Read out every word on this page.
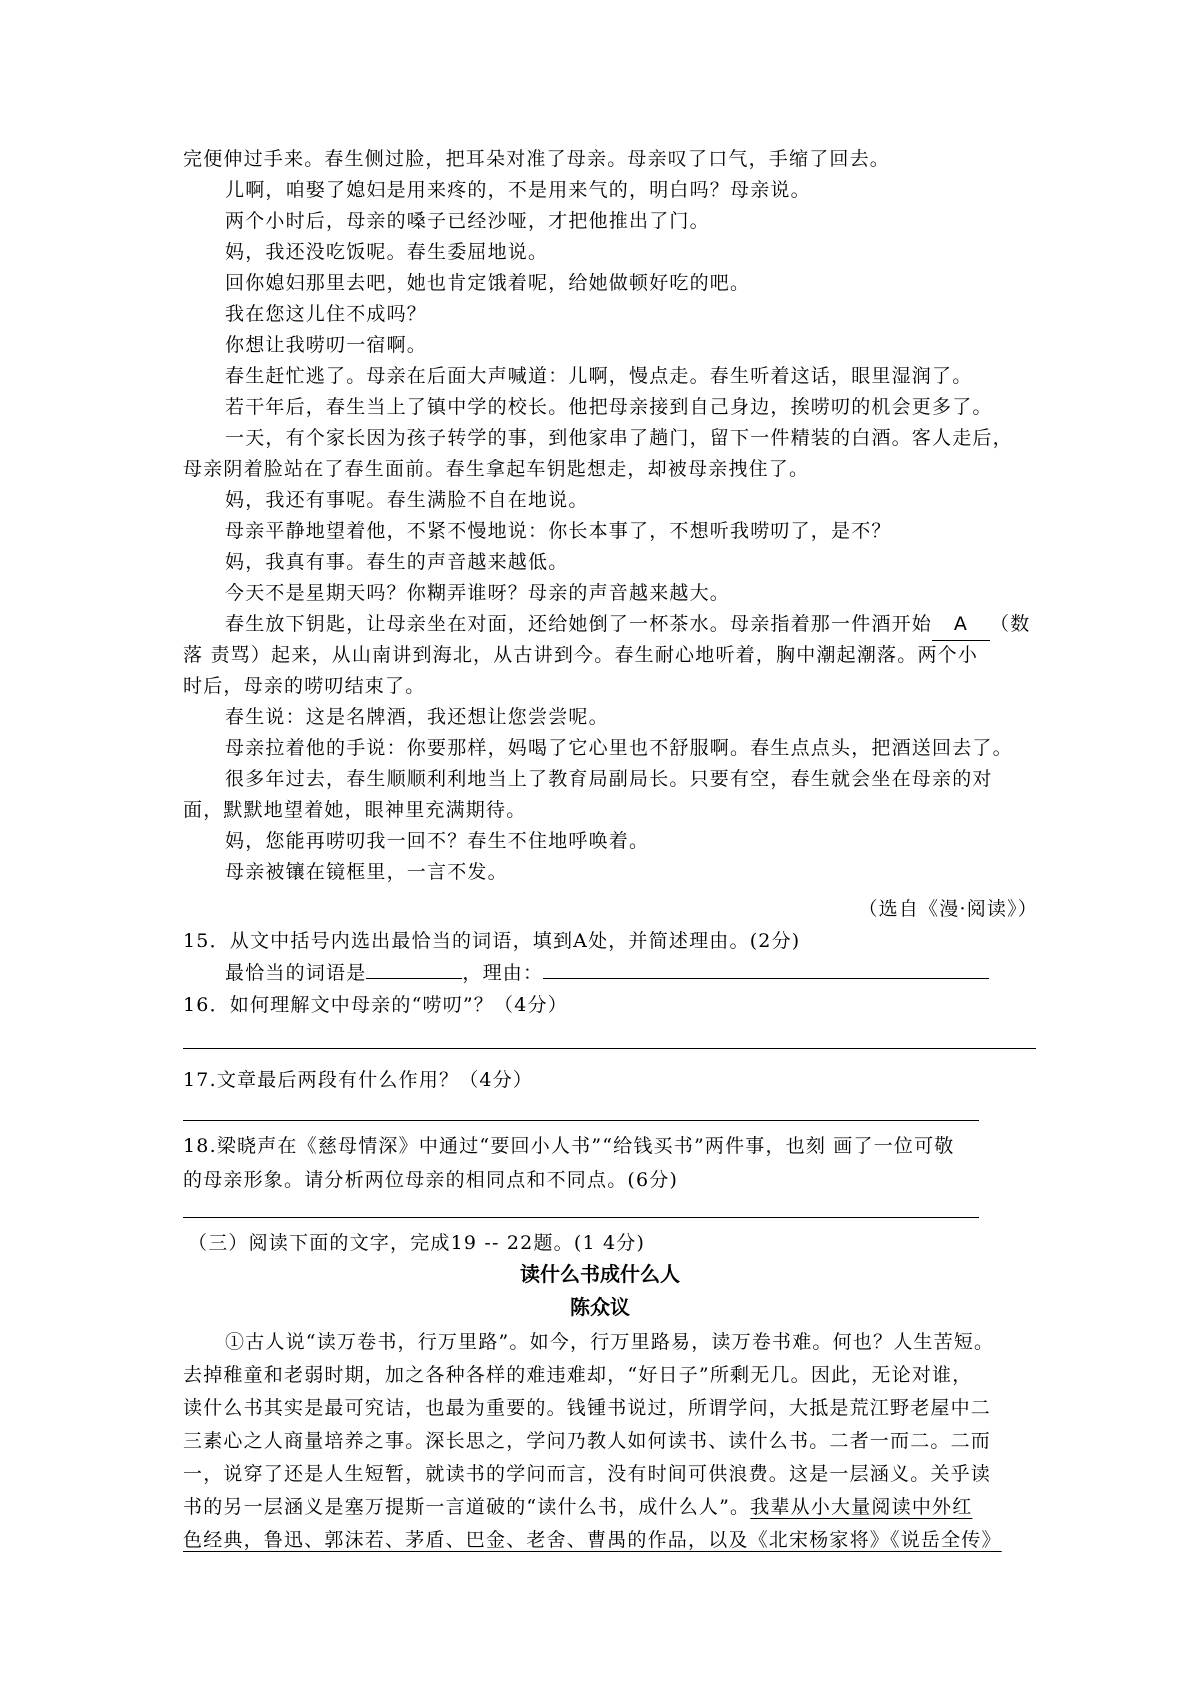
完便伸过手来。春生侧过脸，把耳朵对准了母亲。母亲叹了口气，手缩了回去。
儿啊，咱娶了媳妇是用来疼的，不是用来气的，明白吗？母亲说。
两个小时后，母亲的嗓子已经沙哑，才把他推出了门。
妈，我还没吃饭呢。春生委屈地说。
回你媳妇那里去吧，她也肯定饿着呢，给她做顿好吃的吧。
我在您这儿住不成吗？
你想让我唠叨一宿啊。
春生赶忙逃了。母亲在后面大声喊道：儿啊，慢点走。春生听着这话，眼里湿润了。
若干年后，春生当上了镇中学的校长。他把母亲接到自己身边，挨唠叨的机会更多了。
一天，有个家长因为孩子转学的事，到他家串了趟门，留下一件精装的白酒。客人走后，
母亲阴着脸站在了春生面前。春生拿起车钥匙想走，却被母亲拽住了。
妈，我还有事呢。春生满脸不自在地说。
母亲平静地望着他，不紧不慢地说：你长本事了，不想听我唠叨了，是不？
妈，我真有事。春生的声音越来越低。
今天不是星期天吗？你糊弄谁呀？母亲的声音越来越大。
春生放下钥匙，让母亲坐在对面，还给她倒了一杯茶水。母亲指着那一件酒开始 A （数
落 责骂）起来，从山南讲到海北，从古讲到今。春生耐心地听着，胸中潮起潮落。两个小
时后，母亲的唠叨结束了。
春生说：这是名牌酒，我还想让您尝尝呢。
母亲拉着他的手说：你要那样，妈喝了它心里也不舒服啊。春生点点头，把酒送回去了。
很多年过去，春生顺顺利利地当上了教育局副局长。只要有空，春生就会坐在母亲的对
面，默默地望着她，眼神里充满期待。
妈，您能再唠叨我一回不？春生不住地呼唤着。
母亲被镶在镜框里，一言不发。
（选自《漫·阅读》）
15．从文中括号内选出最恰当的词语，填到A处，并简述理由。(2分)
最恰当的词语是	，理由：
16．如何理解文中母亲的“唠叨”？（4分）
17.文章最后两段有什么作用？（4分）
18.梁晓声在《慈母情深》中通过“要回小人书”“给钱买书”两件事，也刻 画了一位可敬
的母亲形象。请分析两位母亲的相同点和不同点。(6分)
（三）阅读下面的文字，完成19 -- 22题。(1 4分)
读什么书成什么人
陈众议
①古人说“读万卷书，行万里路”。如今，行万里路易，读万卷书难。何也？人生苦短。
去掉稚童和老弱时期，加之各种各样的难违难却，“好日子”所剩无几。因此，无论对谁，
读什么书其实是最可究诘，也最为重要的。钱锺书说过，所谓学问，大抵是荒江野老屋中二
三素心之人商量培养之事。深长思之，学问乃教人如何读书、读什么书。二者一而二。二而
一，说穿了还是人生短暂，就读书的学问而言，没有时间可供浪费。这是一层涵义。关乎读
书的另一层涵义是塞万提斯一言道破的“读什么书，成什么人”。我辈从小大量阅读中外红
色经典，鲁迅、郭沫若、茅盾、巴金、老舍、曹禺的作品，以及《北宋杨家将》《说岳全传》
